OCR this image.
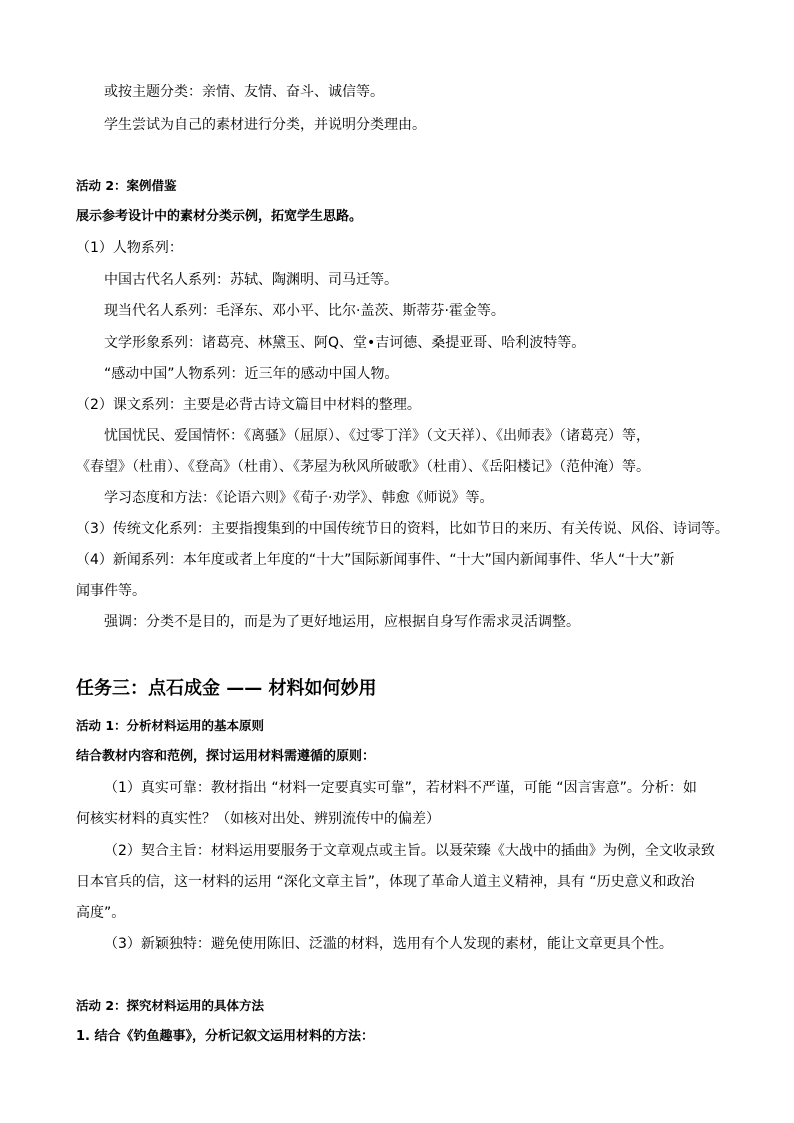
或按主题分类：亲情、友情、奋斗、诚信等。
学生尝试为自己的素材进行分类，并说明分类理由。
活动 2：案例借鉴
展示参考设计中的素材分类示例，拓宽学生思路。
（1）人物系列：
中国古代名人系列：苏轼、陶渊明、司马迁等。
现当代名人系列：毛泽东、邓小平、比尔·盖茨、斯蒂芬·霍金等。
文学形象系列：诸葛亮、林黛玉、阿Q、堂•吉诃德、桑提亚哥、哈利波特等。
“感动中国”人物系列：近三年的感动中国人物。
（2）课文系列：主要是必背古诗文篇目中材料的整理。
忧国忧民、爱国情怀：《离骚》（屈原）、《过零丁洋》（文天祥）、《出师表》（诸葛亮）等，
《春望》（杜甫）、《登高》（杜甫）、《茅屋为秋风所破歌》（杜甫）、《岳阳楼记》（范仲淹）等。
学习态度和方法：《论语六则》《荀子·劝学》、韩愈《师说》等。
（3）传统文化系列：主要指搜集到的中国传统节日的资料，比如节日的来历、有关传说、风俗、诗词等。
（4）新闻系列：本年度或者上年度的“十大”国际新闻事件、“十大”国内新闻事件、华人“十大”新
闻事件等。
强调：分类不是目的，而是为了更好地运用，应根据自身写作需求灵活调整。
任务三：点石成金 —— 材料如何妙用
活动 1：分析材料运用的基本原则
结合教材内容和范例，探讨运用材料需遵循的原则：
（1）真实可靠：教材指出 “材料一定要真实可靠”，若材料不严谨，可能 “因言害意”。分析：如
何核实材料的真实性？（如核对出处、辨别流传中的偏差）
（2）契合主旨：材料运用要服务于文章观点或主旨。以聂荣臻《大战中的插曲》为例，全文收录致
日本官兵的信，这一材料的运用 “深化文章主旨”，体现了革命人道主义精神，具有 “历史意义和政治
高度”。
（3）新颖独特：避免使用陈旧、泛滥的材料，选用有个人发现的素材，能让文章更具个性。
活动 2：探究材料运用的具体方法
1. 结合《钓鱼趣事》，分析记叙文运用材料的方法：
